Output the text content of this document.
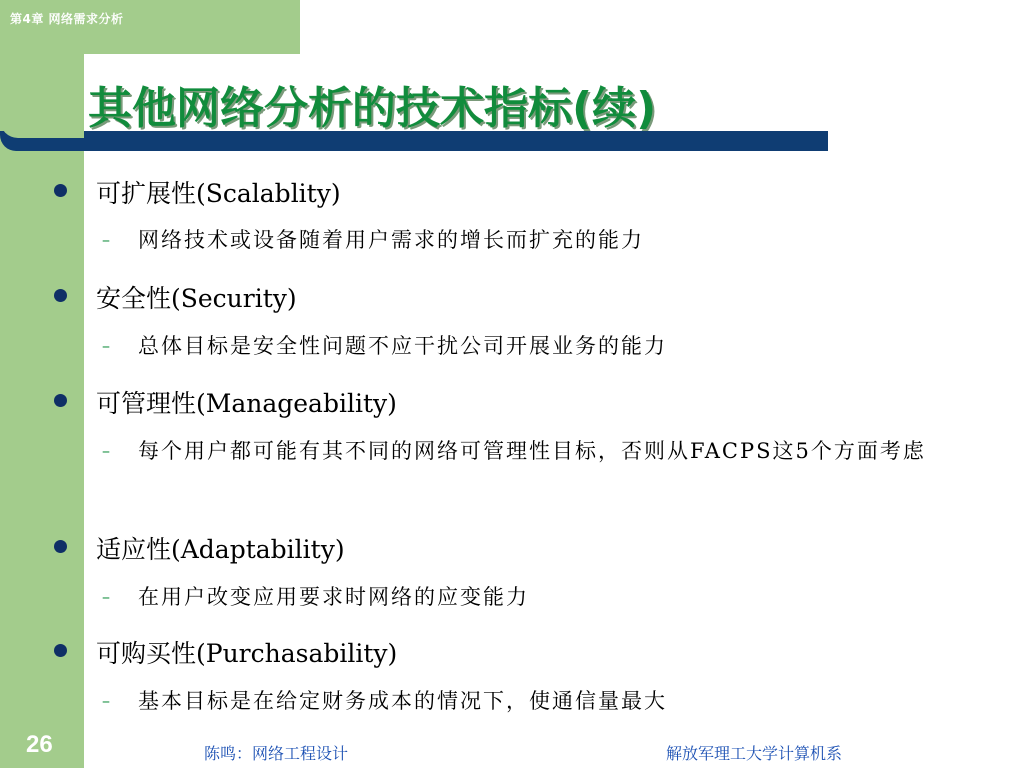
第4章 网络需求分析
其他网络分析的技术指标(续)
可扩展性(Scalablity)
– 网络技术或设备随着用户需求的增长而扩充的能力
安全性(Security)
– 总体目标是安全性问题不应干扰公司开展业务的能力
可管理性(Manageability)
– 每个用户都可能有其不同的网络可管理性目标，否则从FACPS这5个方面考虑
适应性(Adaptability)
– 在用户改变应用要求时网络的应变能力
可购买性(Purchasability)
– 基本目标是在给定财务成本的情况下，使通信量最大
26	陈鸣：网络工程设计	解放军理工大学计算机系
